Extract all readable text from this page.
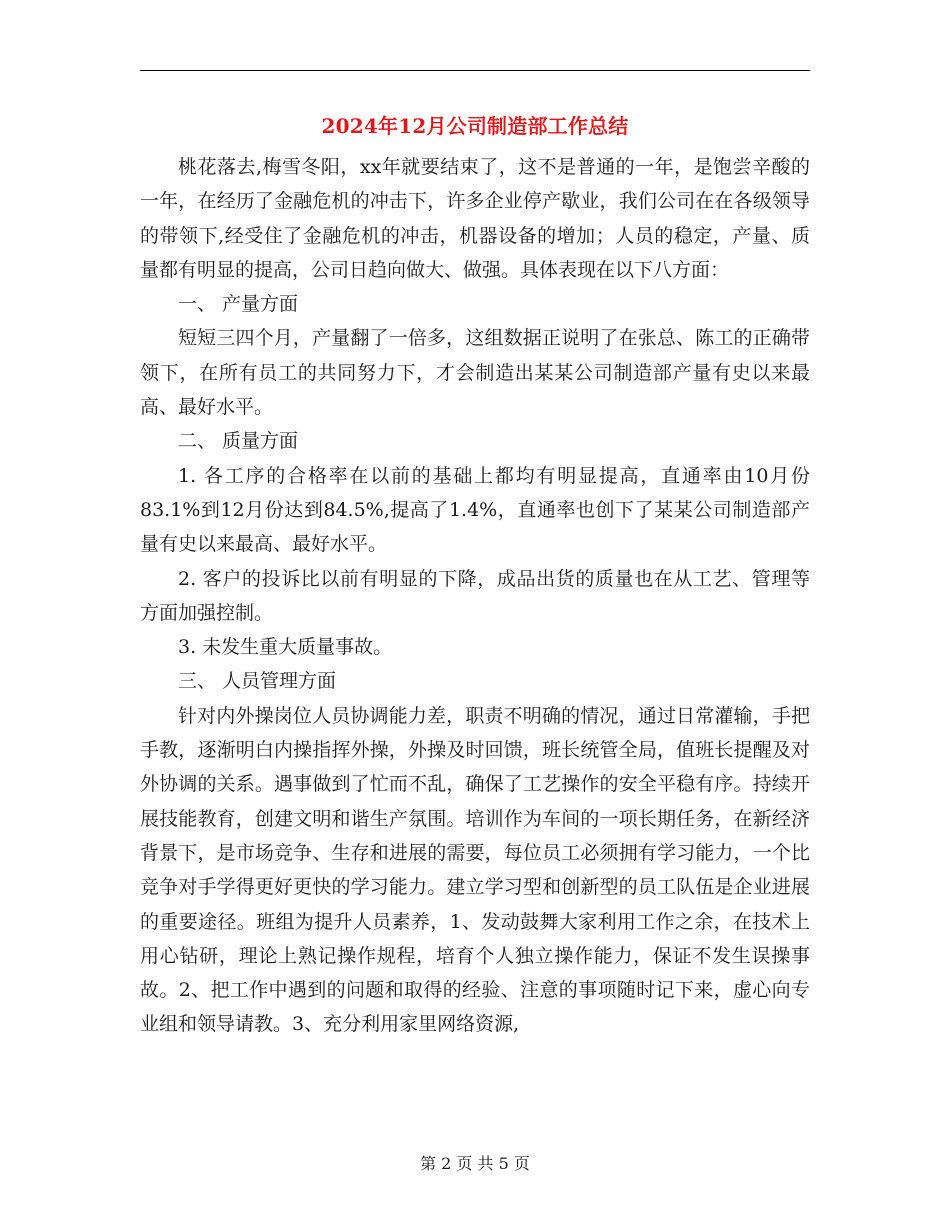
2024年12月公司制造部工作总结

桃花落去,梅雪冬阳，xx年就要结束了，这不是普通的一年，是饱尝辛酸的一年，在经历了金融危机的冲击下，许多企业停产歇业，我们公司在在各级领导的带领下,经受住了金融危机的冲击，机器设备的增加；人员的稳定，产量、质量都有明显的提高，公司日趋向做大、做强。具体表现在以下八方面：

一、 产量方面

短短三四个月，产量翻了一倍多，这组数据正说明了在张总、陈工的正确带领下，在所有员工的共同努力下，才会制造出某某公司制造部产量有史以来最高、最好水平。

二、 质量方面

1. 各工序的合格率在以前的基础上都均有明显提高，直通率由10月份83.1%到12月份达到84.5%,提高了1.4%，直通率也创下了某某公司制造部产量有史以来最高、最好水平。

2. 客户的投诉比以前有明显的下降，成品出货的质量也在从工艺、管理等方面加强控制。

3. 未发生重大质量事故。

三、 人员管理方面

针对内外操岗位人员协调能力差，职责不明确的情况，通过日常灌输，手把手教，逐渐明白内操指挥外操，外操及时回馈，班长统管全局，值班长提醒及对外协调的关系。遇事做到了忙而不乱，确保了工艺操作的安全平稳有序。持续开展技能教育，创建文明和谐生产氛围。培训作为车间的一项长期任务，在新经济背景下，是市场竞争、生存和进展的需要，每位员工必须拥有学习能力，一个比竞争对手学得更好更快的学习能力。建立学习型和创新型的员工队伍是企业进展的重要途径。班组为提升人员素养，1、发动鼓舞大家利用工作之余，在技术上用心钻研，理论上熟记操作规程，培育个人独立操作能力，保证不发生误操事故。2、把工作中遇到的问题和取得的经验、注意的事项随时记下来，虚心向专业组和领导请教。3、充分利用家里网络资源,

第 2 页 共 5 页
